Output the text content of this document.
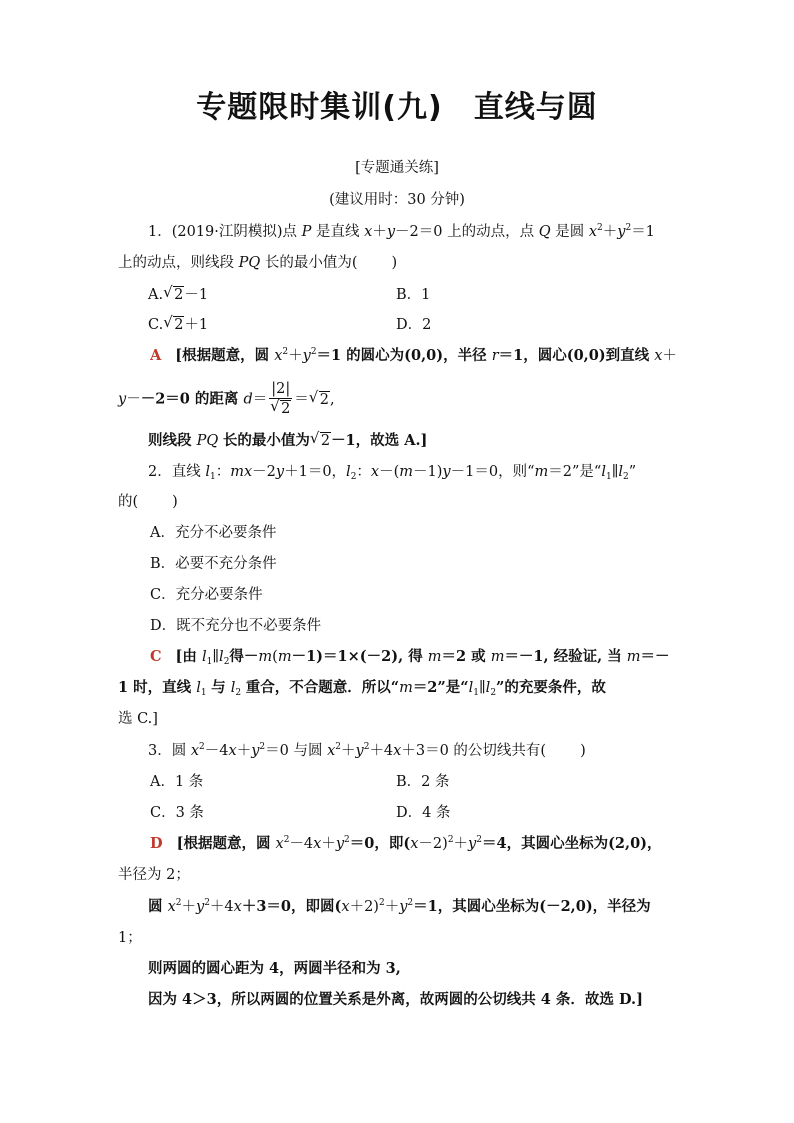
专题限时集训(九)　直线与圆
[专题通关练]
(建议用时：30 分钟)
1．(2019·江阴模拟)点 P 是直线 x＋y－2＝0 上的动点，点 Q 是圆 $x^2+y^2=1$
上的动点，则线段 PQ 长的最小值为( )
A. √ 2－1	B．1
C. √ 2＋1	D．2
A [根据题意，圆 $x^2+y^2=1$ 的圆心为(0,0)，半径 r＝1，圆心(0,0)到直线 x＋
y－－2＝0 的距离 $d= \frac{|2|}{√ 2}$ ＝ √ 2,
则线段 PQ 长的最小值为 √ 2－1，故选 A.]
2．直线 $l_1$：mx－2y＋1＝0，$l_2$：x－(m－1)y－1＝0，则“m＝2”是“$l_1\parallel l_2$”
的( )
A．充分不必要条件
B．必要不充分条件
C．充分必要条件
D．既不充分也不必要条件
C [由 $l_1\parallel l_2$得－m(m－1)＝1×(－2), 得 m＝2 或 m＝－1, 经验证, 当 m＝－
1 时，直线 $l_1$ 与 $l_2$ 重合，不合题意．所以“m＝2”是“$l_1\parallel l_2$”的充要条件，故
选 C.]
3．圆 $x^2-4x+y^2=0$ 与圆 $x^2+y^2+4x+3=0$ 的公切线共有( )
A．1 条	B．2 条
C．3 条	D．4 条
D [根据题意，圆 $x^2-4x+y^2=0$，即$(x-2)^2+y^2=4$，其圆心坐标为(2,0)，
半径为 2；
圆 $x^2+y^2+4x+3=0$，即圆$(x+2)^2+y^2=1$，其圆心坐标为(－2,0)，半径为
1；
则两圆的圆心距为 4，两圆半径和为 3,
因为 4＞3，所以两圆的位置关系是外离，故两圆的公切线共 4 条．故选 D.]
